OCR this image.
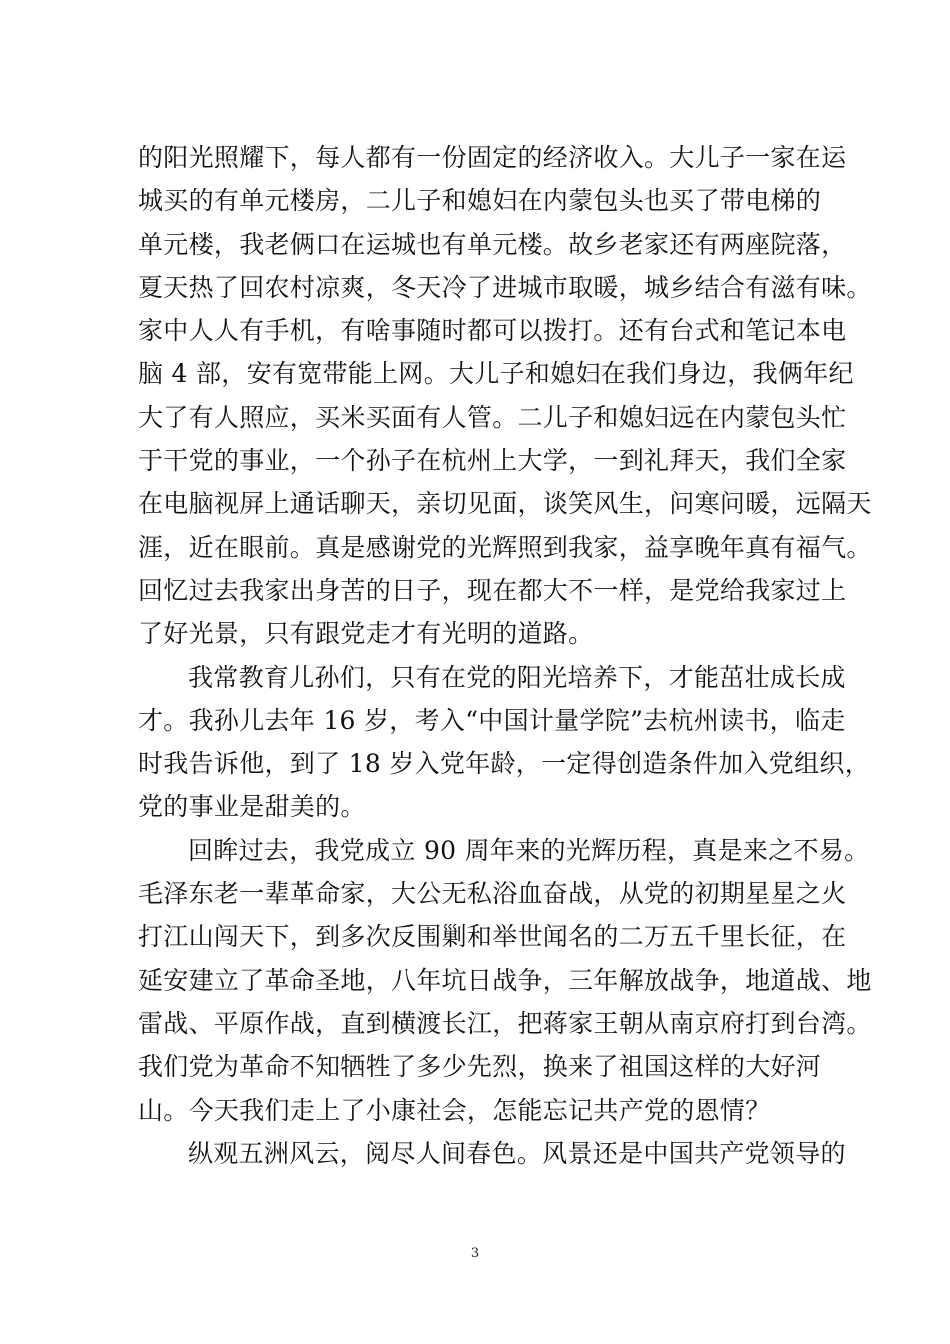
的阳光照耀下，每人都有一份固定的经济收入。大儿子一家在运
城买的有单元楼房，二儿子和媳妇在内蒙包头也买了带电梯的
单元楼，我老俩口在运城也有单元楼。故乡老家还有两座院落，
夏天热了回农村凉爽，冬天冷了进城市取暖，城乡结合有滋有味。
家中人人有手机，有啥事随时都可以拨打。还有台式和笔记本电
脑 4 部，安有宽带能上网。大儿子和媳妇在我们身边，我俩年纪
大了有人照应，买米买面有人管。二儿子和媳妇远在内蒙包头忙
于干党的事业，一个孙子在杭州上大学，一到礼拜天，我们全家
在电脑视屏上通话聊天，亲切见面，谈笑风生，问寒问暖，远隔天
涯，近在眼前。真是感谢党的光辉照到我家，益享晚年真有福气。
回忆过去我家出身苦的日子，现在都大不一样，是党给我家过上
了好光景，只有跟党走才有光明的道路。
我常教育儿孙们，只有在党的阳光培养下，才能茁壮成长成
才。我孙儿去年 16 岁，考入“中国计量学院”去杭州读书，临走
时我告诉他，到了 18 岁入党年龄，一定得创造条件加入党组织，
党的事业是甜美的。
回眸过去，我党成立 90 周年来的光辉历程，真是来之不易。
毛泽东老一辈革命家，大公无私浴血奋战，从党的初期星星之火
打江山闯天下，到多次反围剿和举世闻名的二万五千里长征，在
延安建立了革命圣地，八年坑日战争，三年解放战争，地道战、地
雷战、平原作战，直到横渡长江，把蒋家王朝从南京府打到台湾。
我们党为革命不知牺牲了多少先烈，换来了祖国这样的大好河
山。今天我们走上了小康社会，怎能忘记共产党的恩情？
纵观五洲风云，阅尽人间春色。风景还是中国共产党领导的
3
